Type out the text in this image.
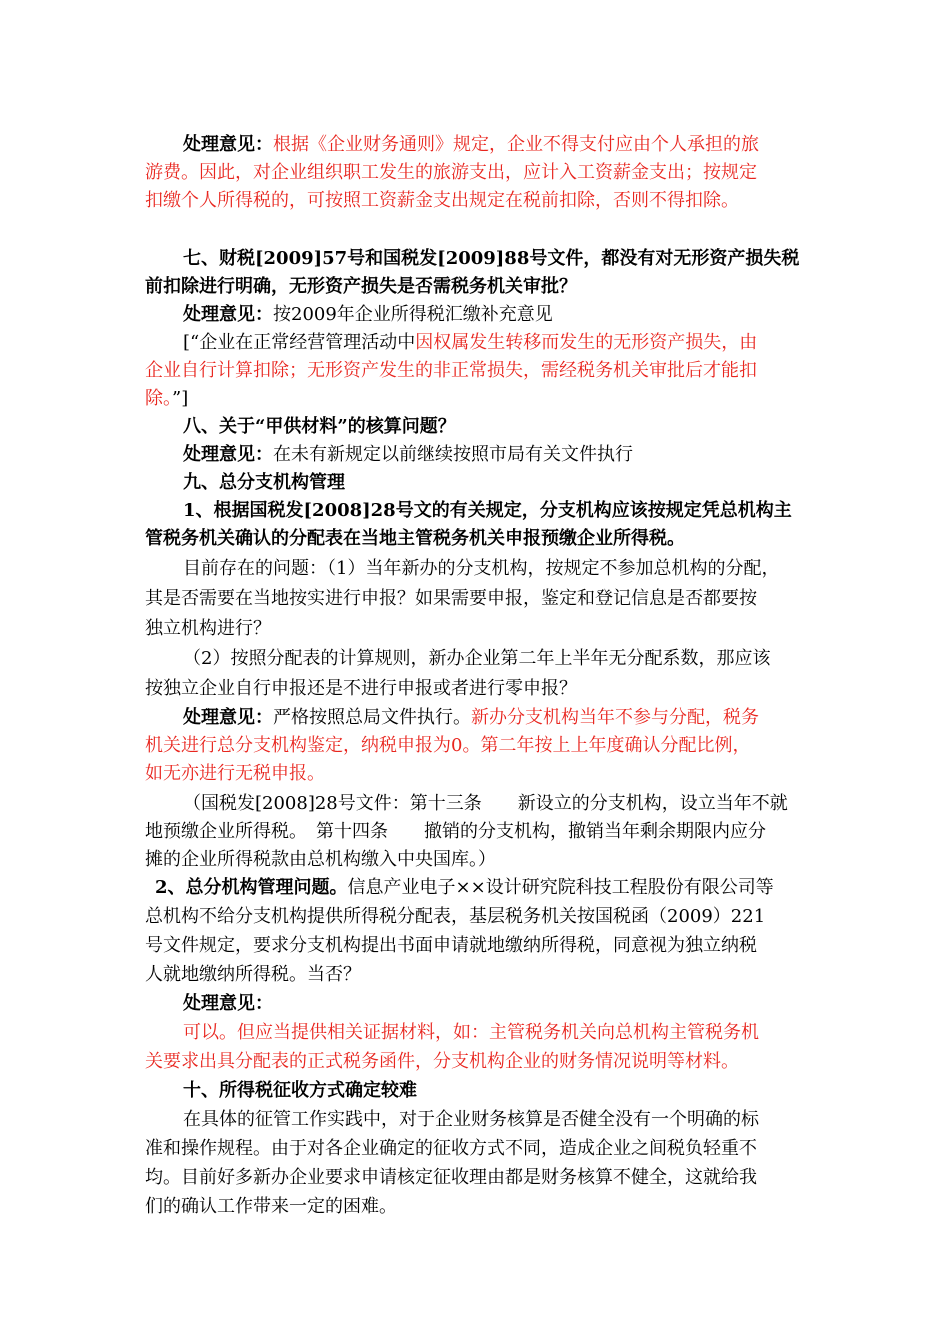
处理意见：根据《企业财务通则》规定，企业不得支付应由个人承担的旅
游费。因此，对企业组织职工发生的旅游支出，应计入工资薪金支出；按规定
扣缴个人所得税的，可按照工资薪金支出规定在税前扣除，否则不得扣除。
七、财税[2009]57号和国税发[2009]88号文件，都没有对无形资产损失税
前扣除进行明确，无形资产损失是否需税务机关审批？
处理意见：按2009年企业所得税汇缴补充意见
[“企业在正常经营管理活动中因权属发生转移而发生的无形资产损失，由
企业自行计算扣除；无形资产发生的非正常损失，需经税务机关审批后才能扣
除。”]
八、关于“甲供材料”的核算问题？
处理意见：在未有新规定以前继续按照市局有关文件执行
九、总分支机构管理
1、根据国税发[2008]28号文的有关规定，分支机构应该按规定凭总机构主
管税务机关确认的分配表在当地主管税务机关申报预缴企业所得税。
目前存在的问题：（1）当年新办的分支机构，按规定不参加总机构的分配，
其是否需要在当地按实进行申报？如果需要申报，鉴定和登记信息是否都要按
独立机构进行？
（2）按照分配表的计算规则，新办企业第二年上半年无分配系数，那应该
按独立企业自行申报还是不进行申报或者进行零申报？
处理意见：严格按照总局文件执行。新办分支机构当年不参与分配，税务
机关进行总分支机构鉴定，纳税申报为0。第二年按上上年度确认分配比例，
如无亦进行无税申报。
（国税发[2008]28号文件：第十三条　　新设立的分支机构，设立当年不就
地预缴企业所得税。　第十四条　　撤销的分支机构，撤销当年剩余期限内应分
摊的企业所得税款由总机构缴入中央国库。）
2、总分机构管理问题。信息产业电子××设计研究院科技工程股份有限公司等
总机构不给分支机构提供所得税分配表，基层税务机关按国税函（2009）221
号文件规定，要求分支机构提出书面申请就地缴纳所得税，同意视为独立纳税
人就地缴纳所得税。当否？
处理意见：
可以。但应当提供相关证据材料，如：主管税务机关向总机构主管税务机
关要求出具分配表的正式税务函件，分支机构企业的财务情况说明等材料。
十、所得税征收方式确定较难
在具体的征管工作实践中，对于企业财务核算是否健全没有一个明确的标
准和操作规程。由于对各企业确定的征收方式不同，造成企业之间税负轻重不
均。目前好多新办企业要求申请核定征收理由都是财务核算不健全，这就给我
们的确认工作带来一定的困难。
